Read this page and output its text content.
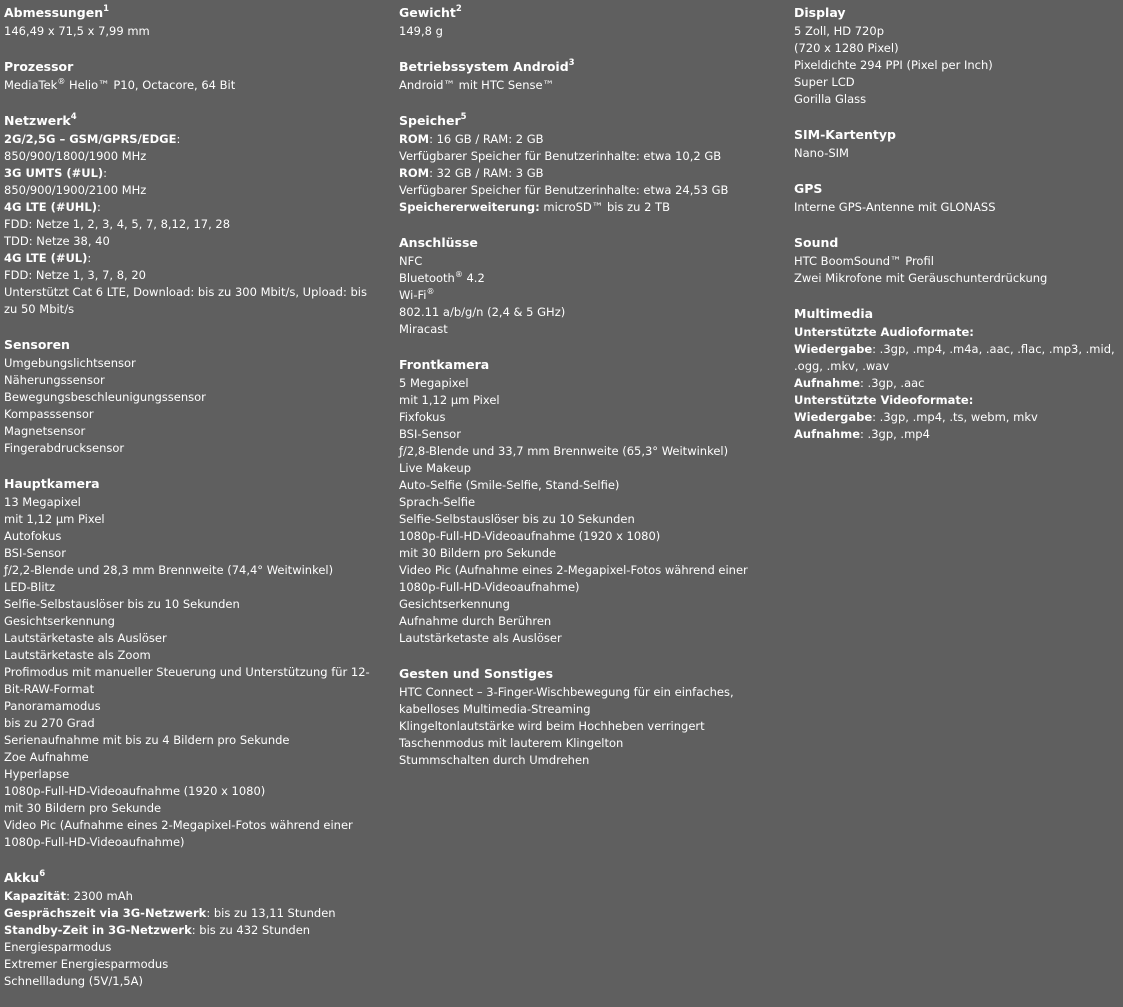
Abmessungen$^1$
146,49 x 71,5 x 7,99 mm
Prozessor
MediaTek® Helio™ P10, Octacore, 64 Bit
Netzwerk$^4$
2G/2,5G – GSM/GPRS/EDGE:
850/900/1800/1900 MHz
3G UMTS (#UL):
850/900/1900/2100 MHz
4G LTE (#UHL):
FDD: Netze 1, 2, 3, 4, 5, 7, 8,12, 17, 28
TDD: Netze 38, 40
4G LTE (#UL):
FDD: Netze 1, 3, 7, 8, 20
Unterstützt Cat 6 LTE, Download: bis zu 300 Mbit/s, Upload: bis zu 50 Mbit/s
Sensoren
Umgebungslichtsensor
Näherungssensor
Bewegungsbeschleunigungssensor
Kompasssensor
Magnetsensor
Fingerabdrucksensor
Hauptkamera
13 Megapixel
mit 1,12 µm Pixel
Autofokus
BSI-Sensor
ƒ/2,2-Blende und 28,3 mm Brennweite (74,4° Weitwinkel)
LED-Blitz
Selfie-Selbstauslöser bis zu 10 Sekunden
Gesichtserkennung
Lautstärketaste als Auslöser
Lautstärketaste als Zoom
Profimodus mit manueller Steuerung und Unterstützung für 12-Bit-RAW-Format
Panoramamodus
bis zu 270 Grad
Serienaufnahme mit bis zu 4 Bildern pro Sekunde
Zoe Aufnahme
Hyperlapse
1080p-Full-HD-Videoaufnahme (1920 x 1080)
mit 30 Bildern pro Sekunde
Video Pic (Aufnahme eines 2-Megapixel-Fotos während einer 1080p-Full-HD-Videoaufnahme)
Akku$^6$
Kapazität: 2300 mAh
Gesprächszeit via 3G-Netzwerk: bis zu 13,11 Stunden
Standby-Zeit in 3G-Netzwerk: bis zu 432 Stunden
Energiesparmodus
Extremer Energiesparmodus
Schnellladung (5V/1,5A)
Gewicht$^2$
149,8 g
Betriebssystem Android$^3$
Android™ mit HTC Sense™
Speicher$^5$
ROM: 16 GB / RAM: 2 GB
Verfügbarer Speicher für Benutzerinhalte: etwa 10,2 GB
ROM: 32 GB / RAM: 3 GB
Verfügbarer Speicher für Benutzerinhalte: etwa 24,53 GB
Speichererweiterung: microSD™ bis zu 2 TB
Anschlüsse
NFC
Bluetooth® 4.2
Wi-Fi®
802.11 a/b/g/n (2,4 & 5 GHz)
Miracast
Frontkamera
5 Megapixel
mit 1,12 µm Pixel
Fixfokus
BSI-Sensor
ƒ/2,8-Blende und 33,7 mm Brennweite (65,3° Weitwinkel)
Live Makeup
Auto-Selfie (Smile-Selfie, Stand-Selfie)
Sprach-Selfie
Selfie-Selbstauslöser bis zu 10 Sekunden
1080p-Full-HD-Videoaufnahme (1920 x 1080)
mit 30 Bildern pro Sekunde
Video Pic (Aufnahme eines 2-Megapixel-Fotos während einer 1080p-Full-HD-Videoaufnahme)
Gesichtserkennung
Aufnahme durch Berühren
Lautstärketaste als Auslöser
Gesten und Sonstiges
HTC Connect – 3-Finger-Wischbewegung für ein einfaches, kabelloses Multimedia-Streaming
Klingeltonlautstärke wird beim Hochheben verringert
Taschenmodus mit lauterem Klingelton
Stummschalten durch Umdrehen
Display
5 Zoll, HD 720p
(720 x 1280 Pixel)
Pixeldichte 294 PPI (Pixel per Inch)
Super LCD
Gorilla Glass
SIM-Kartentyp
Nano-SIM
GPS
Interne GPS-Antenne mit GLONASS
Sound
HTC BoomSound™ Profil
Zwei Mikrofone mit Geräuschunterdrückung
Multimedia
Unterstützte Audioformate:
Wiedergabe: .3gp, .mp4, .m4a, .aac, .flac, .mp3, .mid, .ogg, .mkv, .wav
Aufnahme: .3gp, .aac
Unterstützte Videoformate:
Wiedergabe: .3gp, .mp4, .ts, webm, mkv
Aufnahme: .3gp, .mp4
